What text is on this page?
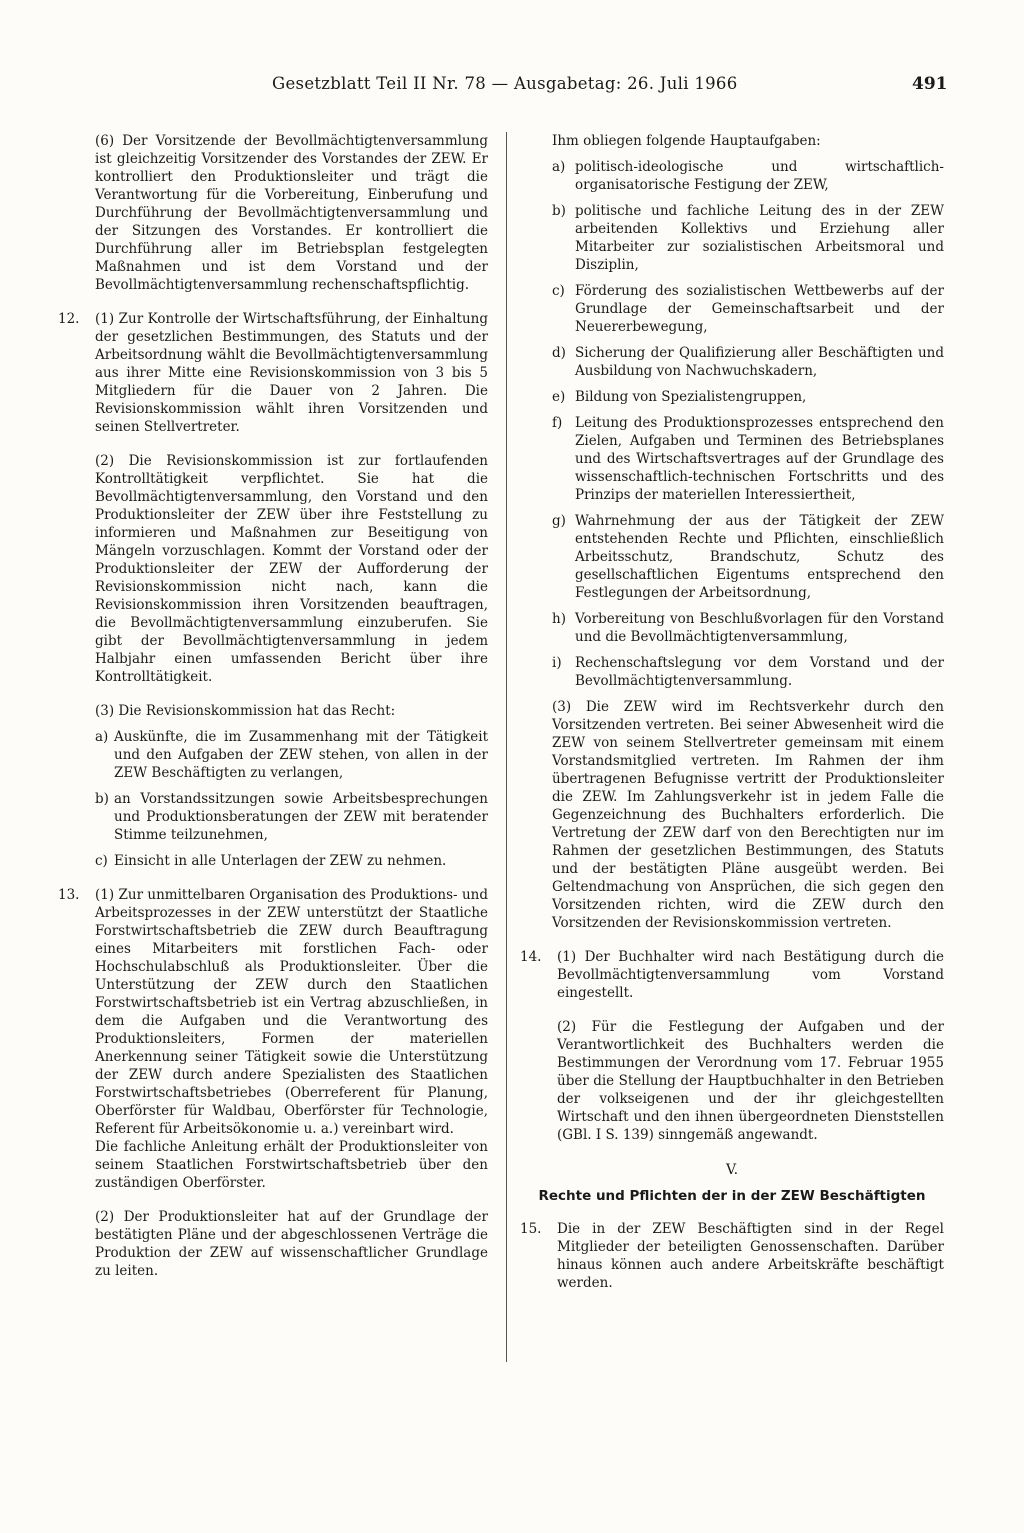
Gesetzblatt Teil II Nr. 78 — Ausgabetag: 26. Juli 1966	491

(6) Der Vorsitzende der Bevollmächtigtenversammlung ist gleichzeitig Vorsitzender des Vorstandes der ZEW. Er kontrolliert den Produktionsleiter und trägt die Verantwortung für die Vorbereitung, Einberufung und Durchführung der Bevollmächtigtenversammlung und der Sitzungen des Vorstandes. Er kontrolliert die Durchführung aller im Betriebsplan festgelegten Maßnahmen und ist dem Vorstand und der Bevollmächtigtenversammlung rechenschaftspflichtig.

12. (1) Zur Kontrolle der Wirtschaftsführung, der Einhaltung der gesetzlichen Bestimmungen, des Statuts und der Arbeitsordnung wählt die Bevollmächtigtenversammlung aus ihrer Mitte eine Revisionskommission von 3 bis 5 Mitgliedern für die Dauer von 2 Jahren. Die Revisionskommission wählt ihren Vorsitzenden und seinen Stellvertreter.

(2) Die Revisionskommission ist zur fortlaufenden Kontrolltätigkeit verpflichtet. Sie hat die Bevollmächtigtenversammlung, den Vorstand und den Produktionsleiter der ZEW über ihre Feststellung zu informieren und Maßnahmen zur Beseitigung von Mängeln vorzuschlagen. Kommt der Vorstand oder der Produktionsleiter der ZEW der Aufforderung der Revisionskommission nicht nach, kann die Revisionskommission ihren Vorsitzenden beauftragen, die Bevollmächtigtenversammlung einzuberufen. Sie gibt der Bevollmächtigtenversammlung in jedem Halbjahr einen umfassenden Bericht über ihre Kontrolltätigkeit.

(3) Die Revisionskommission hat das Recht:

a) Auskünfte, die im Zusammenhang mit der Tätigkeit und den Aufgaben der ZEW stehen, von allen in der ZEW Beschäftigten zu verlangen,

b) an Vorstandssitzungen sowie Arbeitsbesprechungen und Produktionsberatungen der ZEW mit beratender Stimme teilzunehmen,

c) Einsicht in alle Unterlagen der ZEW zu nehmen.

13. (1) Zur unmittelbaren Organisation des Produktions- und Arbeitsprozesses in der ZEW unterstützt der Staatliche Forstwirtschaftsbetrieb die ZEW durch Beauftragung eines Mitarbeiters mit forstlichen Fach- oder Hochschulabschluß als Produktionsleiter. Über die Unterstützung der ZEW durch den Staatlichen Forstwirtschaftsbetrieb ist ein Vertrag abzuschließen, in dem die Aufgaben und die Verantwortung des Produktionsleiters, Formen der materiellen Anerkennung seiner Tätigkeit sowie die Unterstützung der ZEW durch andere Spezialisten des Staatlichen Forstwirtschaftsbetriebes (Oberreferent für Planung, Oberförster für Waldbau, Oberförster für Technologie, Referent für Arbeitsökonomie u. a.) vereinbart wird.

Die fachliche Anleitung erhält der Produktionsleiter von seinem Staatlichen Forstwirtschaftsbetrieb über den zuständigen Oberförster.

(2) Der Produktionsleiter hat auf der Grundlage der bestätigten Pläne und der abgeschlossenen Verträge die Produktion der ZEW auf wissenschaftlicher Grundlage zu leiten.

Ihm obliegen folgende Hauptaufgaben:

a) politisch-ideologische und wirtschaftlich-organisatorische Festigung der ZEW,

b) politische und fachliche Leitung des in der ZEW arbeitenden Kollektivs und Erziehung aller Mitarbeiter zur sozialistischen Arbeitsmoral und Disziplin,

c) Förderung des sozialistischen Wettbewerbs auf der Grundlage der Gemeinschaftsarbeit und der Neuererbewegung,

d) Sicherung der Qualifizierung aller Beschäftigten und Ausbildung von Nachwuchskadern,

e) Bildung von Spezialistengruppen,

f) Leitung des Produktionsprozesses entsprechend den Zielen, Aufgaben und Terminen des Betriebsplanes und des Wirtschaftsvertrages auf der Grundlage des wissenschaftlich-technischen Fortschritts und des Prinzips der materiellen Interessiertheit,

g) Wahrnehmung der aus der Tätigkeit der ZEW entstehenden Rechte und Pflichten, einschließlich Arbeitsschutz, Brandschutz, Schutz des gesellschaftlichen Eigentums entsprechend den Festlegungen der Arbeitsordnung,

h) Vorbereitung von Beschlußvorlagen für den Vorstand und die Bevollmächtigtenversammlung,

i) Rechenschaftslegung vor dem Vorstand und der Bevollmächtigtenversammlung.

(3) Die ZEW wird im Rechtsverkehr durch den Vorsitzenden vertreten. Bei seiner Abwesenheit wird die ZEW von seinem Stellvertreter gemeinsam mit einem Vorstandsmitglied vertreten. Im Rahmen der ihm übertragenen Befugnisse vertritt der Produktionsleiter die ZEW. Im Zahlungsverkehr ist in jedem Falle die Gegenzeichnung des Buchhalters erforderlich. Die Vertretung der ZEW darf von den Berechtigten nur im Rahmen der gesetzlichen Bestimmungen, des Statuts und der bestätigten Pläne ausgeübt werden. Bei Geltendmachung von Ansprüchen, die sich gegen den Vorsitzenden richten, wird die ZEW durch den Vorsitzenden der Revisionskommission vertreten.

14. (1) Der Buchhalter wird nach Bestätigung durch die Bevollmächtigtenversammlung vom Vorstand eingestellt.

(2) Für die Festlegung der Aufgaben und der Verantwortlichkeit des Buchhalters werden die Bestimmungen der Verordnung vom 17. Februar 1955 über die Stellung der Hauptbuchhalter in den Betrieben der volkseigenen und der ihr gleichgestellten Wirtschaft und den ihnen übergeordneten Dienststellen (GBl. I S. 139) sinngemäß angewandt.

V.
Rechte und Pflichten der in der ZEW Beschäftigten
15. Die in der ZEW Beschäftigten sind in der Regel Mitglieder der beteiligten Genossenschaften. Darüber hinaus können auch andere Arbeitskräfte beschäftigt werden.
